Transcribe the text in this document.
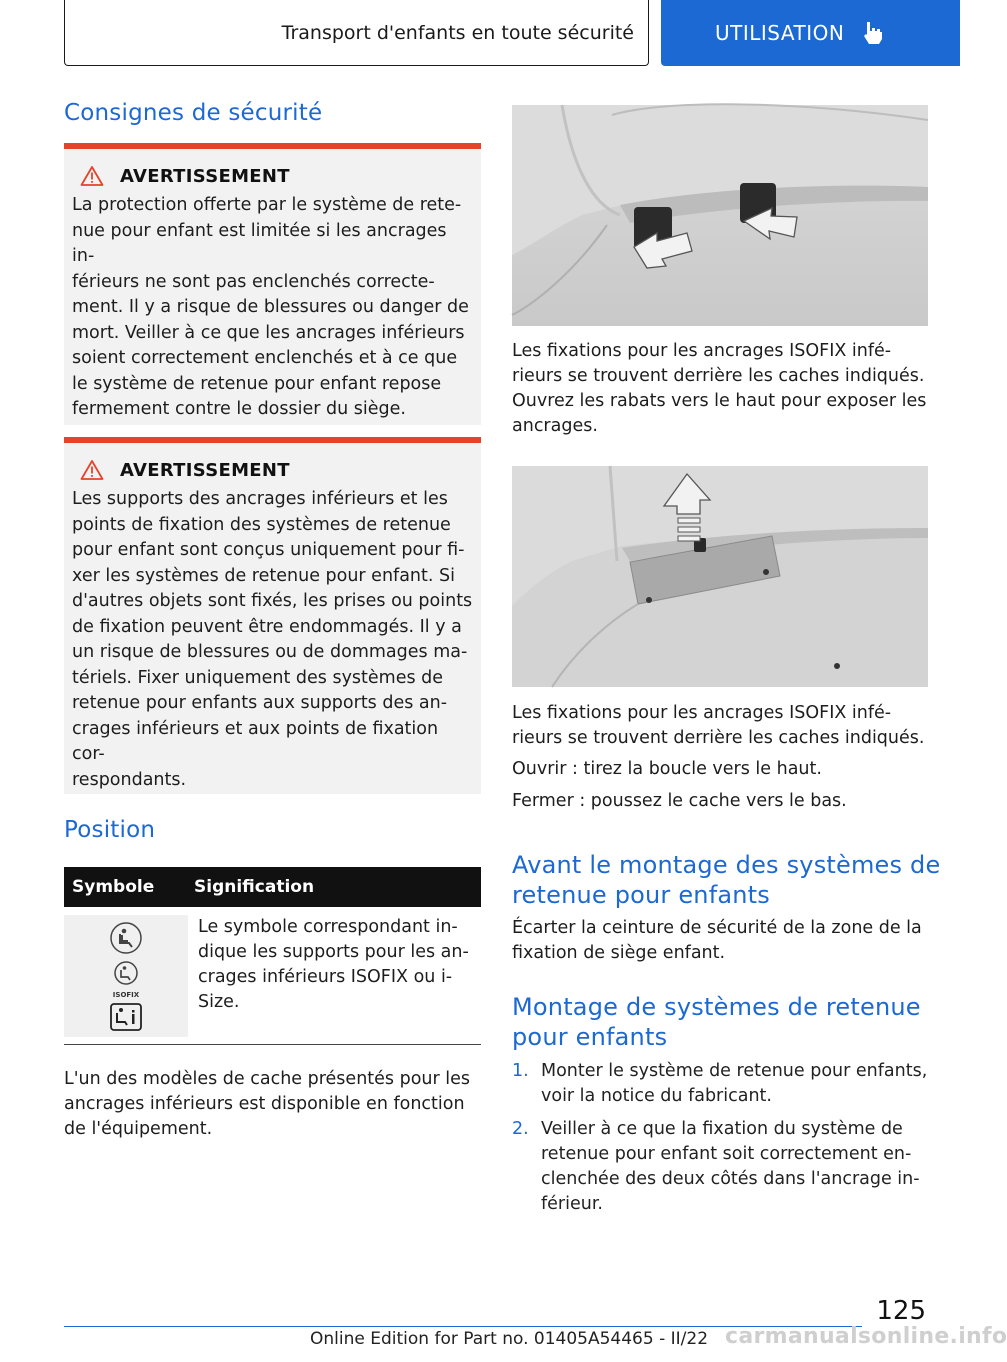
Transport d'enfants en toute sécurité	UTILISATION
Consignes de sécurité
AVERTISSEMENT

La protection offerte par le système de rete-
nue pour enfant est limitée si les ancrages in-
férieurs ne sont pas enclenchés correcte-
ment. Il y a risque de blessures ou danger de
mort. Veiller à ce que les ancrages inférieurs
soient correctement enclenchés et à ce que
le système de retenue pour enfant repose
fermement contre le dossier du siège.

AVERTISSEMENT

Les supports des ancrages inférieurs et les
points de fixation des systèmes de retenue
pour enfant sont conçus uniquement pour fi-
xer les systèmes de retenue pour enfant. Si
d'autres objets sont fixés, les prises ou points
de fixation peuvent être endommagés. Il y a
un risque de blessures ou de dommages ma-
tériels. Fixer uniquement des systèmes de
retenue pour enfants aux supports des an-
crages inférieurs et aux points de fixation cor-
respondants.

Position
Symbole	Signification
ISOFIX
Le symbole correspondant in-
dique les supports pour les an-
crages inférieurs ISOFIX ou i-
Size.

L'un des modèles de cache présentés pour les
ancrages inférieurs est disponible en fonction
de l'équipement.

Les fixations pour les ancrages ISOFIX infé-
rieurs se trouvent derrière les caches indiqués.
Ouvrez les rabats vers le haut pour exposer les
ancrages.

Les fixations pour les ancrages ISOFIX infé-
rieurs se trouvent derrière les caches indiqués.

Ouvrir : tirez la boucle vers le haut.

Fermer : poussez le cache vers le bas.

Avant le montage des systèmes de
retenue pour enfants

Écarter la ceinture de sécurité de la zone de la
fixation de siège enfant.

Montage de systèmes de retenue
pour enfants
1. Monter le système de retenue pour enfants,
voir la notice du fabricant.
2. Veiller à ce que la fixation du système de
retenue pour enfant soit correctement en-
clenchée des deux côtés dans l'ancrage in-
férieur.
125
Online Edition for Part no. 01405A54465 - II/22 carmanualsonline.info
